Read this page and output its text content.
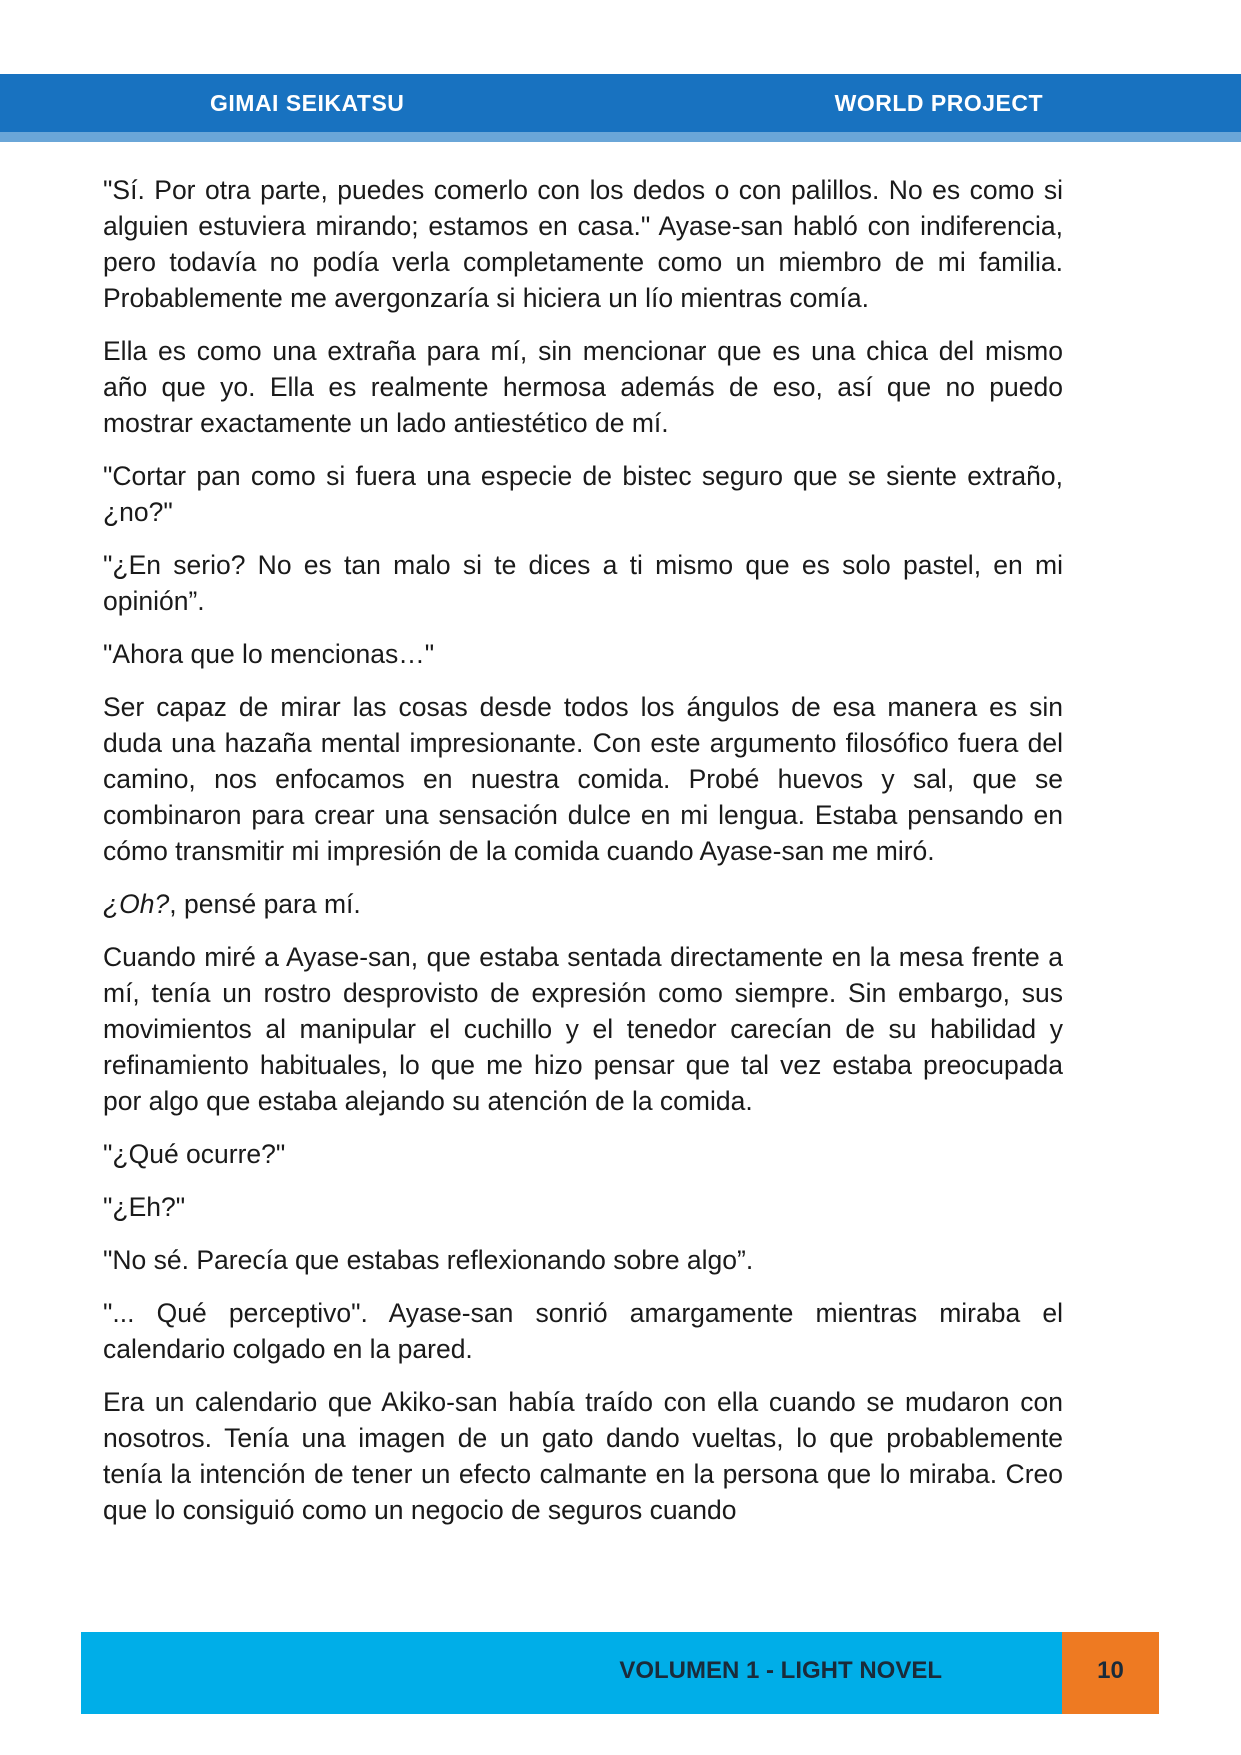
GIMAI SEIKATSU	WORLD PROJECT

"Sí. Por otra parte, puedes comerlo con los dedos o con palillos. No es como si alguien estuviera mirando; estamos en casa." Ayase-san habló con indiferencia, pero todavía no podía verla completamente como un miembro de mi familia. Probablemente me avergonzaría si hiciera un lío mientras comía.

Ella es como una extraña para mí, sin mencionar que es una chica del mismo año que yo. Ella es realmente hermosa además de eso, así que no puedo mostrar exactamente un lado antiestético de mí.

"Cortar pan como si fuera una especie de bistec seguro que se siente extraño, ¿no?"

"¿En serio? No es tan malo si te dices a ti mismo que es solo pastel, en mi opinión”.

"Ahora que lo mencionas…"

Ser capaz de mirar las cosas desde todos los ángulos de esa manera es sin duda una hazaña mental impresionante. Con este argumento filosófico fuera del camino, nos enfocamos en nuestra comida. Probé huevos y sal, que se combinaron para crear una sensación dulce en mi lengua. Estaba pensando en cómo transmitir mi impresión de la comida cuando Ayase-san me miró.

¿Oh?, pensé para mí.

Cuando miré a Ayase-san, que estaba sentada directamente en la mesa frente a mí, tenía un rostro desprovisto de expresión como siempre. Sin embargo, sus movimientos al manipular el cuchillo y el tenedor carecían de su habilidad y refinamiento habituales, lo que me hizo pensar que tal vez estaba preocupada por algo que estaba alejando su atención de la comida.

"¿Qué ocurre?"

"¿Eh?"

"No sé. Parecía que estabas reflexionando sobre algo”.

"... Qué perceptivo". Ayase-san sonrió amargamente mientras miraba el calendario colgado en la pared.

Era un calendario que Akiko-san había traído con ella cuando se mudaron con nosotros. Tenía una imagen de un gato dando vueltas, lo que probablemente tenía la intención de tener un efecto calmante en la persona que lo miraba. Creo que lo consiguió como un negocio de seguros cuando

VOLUMEN 1 - LIGHT NOVEL	10
